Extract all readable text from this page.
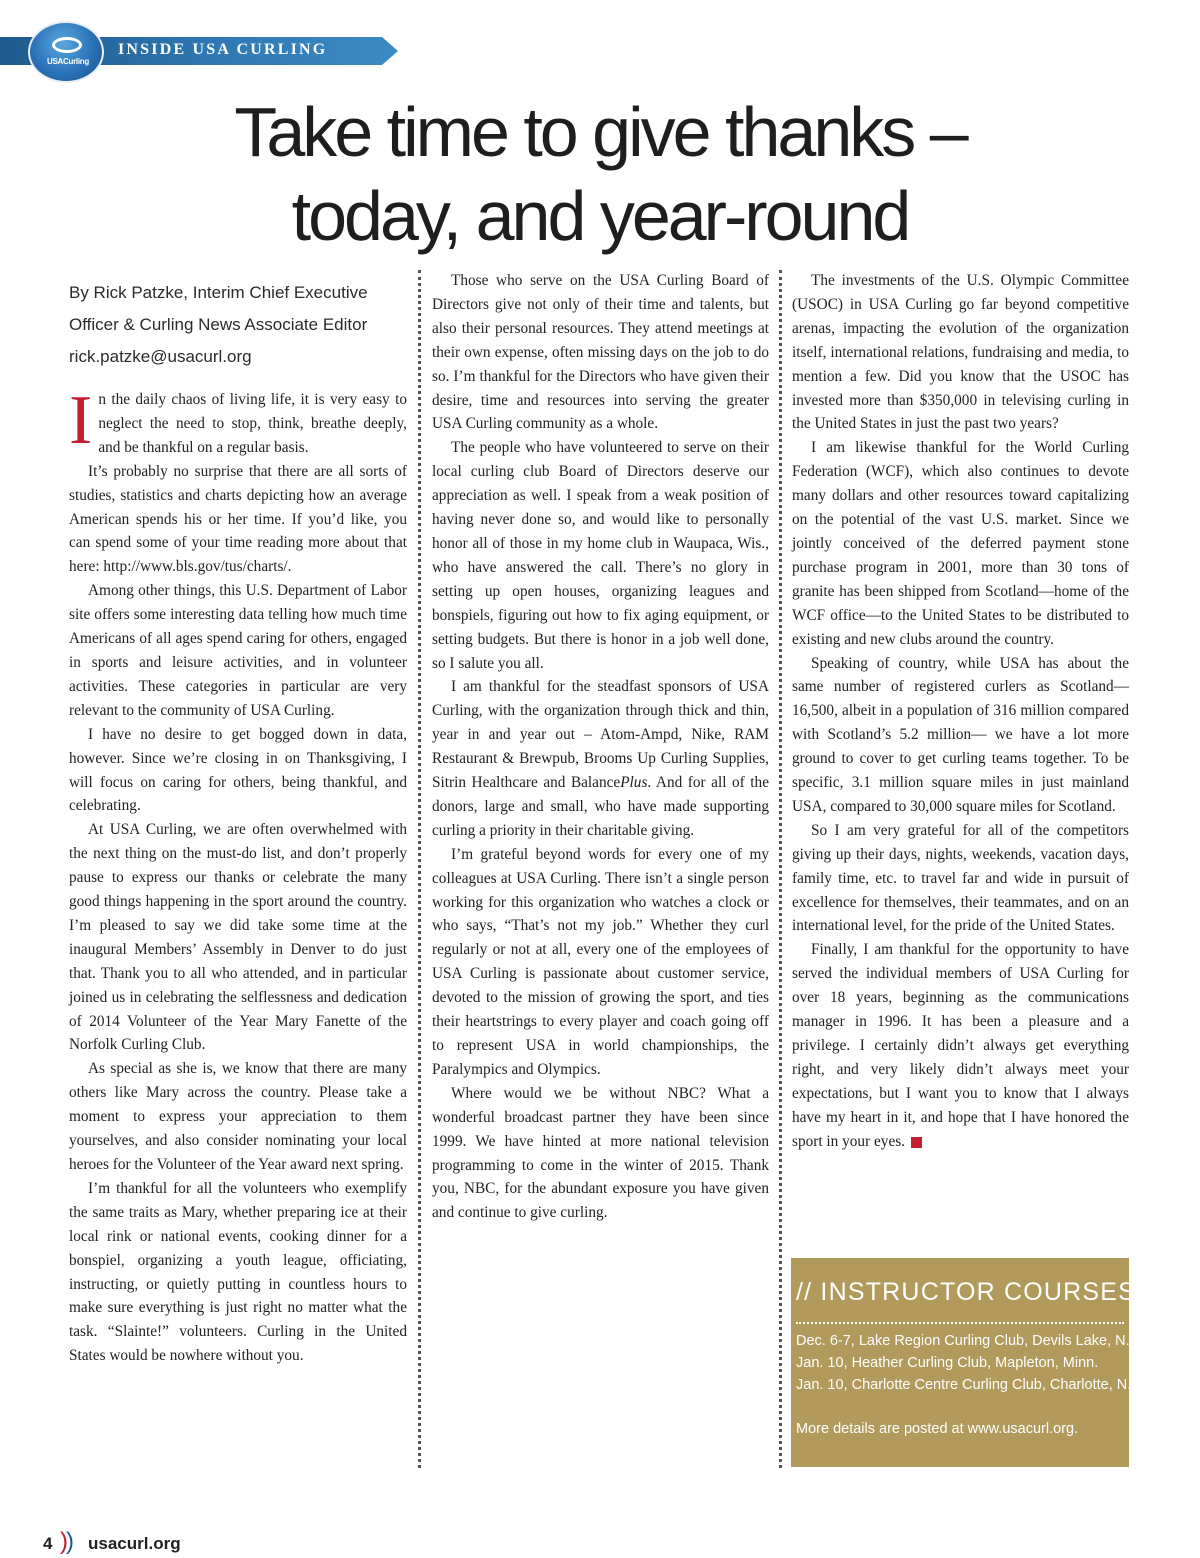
INSIDE USA CURLING
USACurling
Take time to give thanks –
today, and year-round
By Rick Patzke, Interim Chief Executive
Officer & Curling News Associate Editor
rick.patzke@usacurl.org

In the daily chaos of living life, it is very easy to neglect the need to stop, think, breathe deeply, and be thankful on a regular basis.

It’s probably no surprise that there are all sorts of studies, statistics and charts depicting how an average American spends his or her time. If you’d like, you can spend some of your time reading more about that here: http://www.bls.gov/tus/charts/.

Among other things, this U.S. Department of Labor site offers some interesting data telling how much time Americans of all ages spend caring for others, engaged in sports and leisure activities, and in volunteer activities. These categories in particular are very relevant to the community of USA Curling.

I have no desire to get bogged down in data, however. Since we’re closing in on Thanksgiving, I will focus on caring for others, being thankful, and celebrating.

At USA Curling, we are often overwhelmed with the next thing on the must-do list, and don’t properly pause to express our thanks or celebrate the many good things happening in the sport around the country. I’m pleased to say we did take some time at the inaugural Members’ Assembly in Denver to do just that. Thank you to all who attended, and in particular joined us in celebrating the selflessness and dedication of 2014 Volunteer of the Year Mary Fanette of the Norfolk Curling Club.

As special as she is, we know that there are many others like Mary across the country. Please take a moment to express your appreciation to them yourselves, and also consider nominating your local heroes for the Volunteer of the Year award next spring.

I’m thankful for all the volunteers who exemplify the same traits as Mary, whether preparing ice at their local rink or national events, cooking dinner for a bonspiel, organizing a youth league, officiating, instructing, or quietly putting in countless hours to make sure everything is just right no matter what the task. “Slainte!” volunteers. Curling in the United States would be nowhere without you.

Those who serve on the USA Curling Board of Directors give not only of their time and talents, but also their personal resources. They attend meetings at their own expense, often missing days on the job to do so. I’m thankful for the Directors who have given their desire, time and resources into serving the greater USA Curling community as a whole.

The people who have volunteered to serve on their local curling club Board of Directors deserve our appreciation as well. I speak from a weak position of having never done so, and would like to personally honor all of those in my home club in Waupaca, Wis., who have answered the call. There’s no glory in setting up open houses, organizing leagues and bonspiels, figuring out how to fix aging equipment, or setting budgets. But there is honor in a job well done, so I salute you all.

I am thankful for the steadfast sponsors of USA Curling, with the organization through thick and thin, year in and year out – Atom-Ampd, Nike, RAM Restaurant & Brewpub, Brooms Up Curling Supplies, Sitrin Healthcare and BalancePlus. And for all of the donors, large and small, who have made supporting curling a priority in their charitable giving.

I’m grateful beyond words for every one of my colleagues at USA Curling. There isn’t a single person working for this organization who watches a clock or who says, “That’s not my job.” Whether they curl regularly or not at all, every one of the employees of USA Curling is passionate about customer service, devoted to the mission of growing the sport, and ties their heartstrings to every player and coach going off to represent USA in world championships, the Paralympics and Olympics.

Where would we be without NBC? What a wonderful broadcast partner they have been since 1999. We have hinted at more national television programming to come in the winter of 2015. Thank you, NBC, for the abundant exposure you have given and continue to give curling.

The investments of the U.S. Olympic Committee (USOC) in USA Curling go far beyond competitive arenas, impacting the evolution of the organization itself, international relations, fundraising and media, to mention a few. Did you know that the USOC has invested more than $350,000 in televising curling in the United States in just the past two years?

I am likewise thankful for the World Curling Federation (WCF), which also continues to devote many dollars and other resources toward capitalizing on the potential of the vast U.S. market. Since we jointly conceived of the deferred payment stone purchase program in 2001, more than 30 tons of granite has been shipped from Scotland—home of the WCF office—to the United States to be distributed to existing and new clubs around the country.

Speaking of country, while USA has about the same number of registered curlers as Scotland—16,500, albeit in a population of 316 million compared with Scotland’s 5.2 million— we have a lot more ground to cover to get curling teams together. To be specific, 3.1 million square miles in just mainland USA, compared to 30,000 square miles for Scotland.

So I am very grateful for all of the competitors giving up their days, nights, weekends, vacation days, family time, etc. to travel far and wide in pursuit of excellence for themselves, their teammates, and on an international level, for the pride of the United States.

Finally, I am thankful for the opportunity to have served the individual members of USA Curling for over 18 years, beginning as the communications manager in 1996. It has been a pleasure and a privilege. I certainly didn’t always get everything right, and very likely didn’t always meet your expectations, but I want you to know that I always have my heart in it, and hope that I have honored the sport in your eyes.

// INSTRUCTOR COURSES
Dec. 6-7, Lake Region Curling Club, Devils Lake, N.D.
Jan. 10, Heather Curling Club, Mapleton, Minn.
Jan. 10, Charlotte Centre Curling Club, Charlotte, N.C.
More details are posted at www.usacurl.org.
4 )) usacurl.org
